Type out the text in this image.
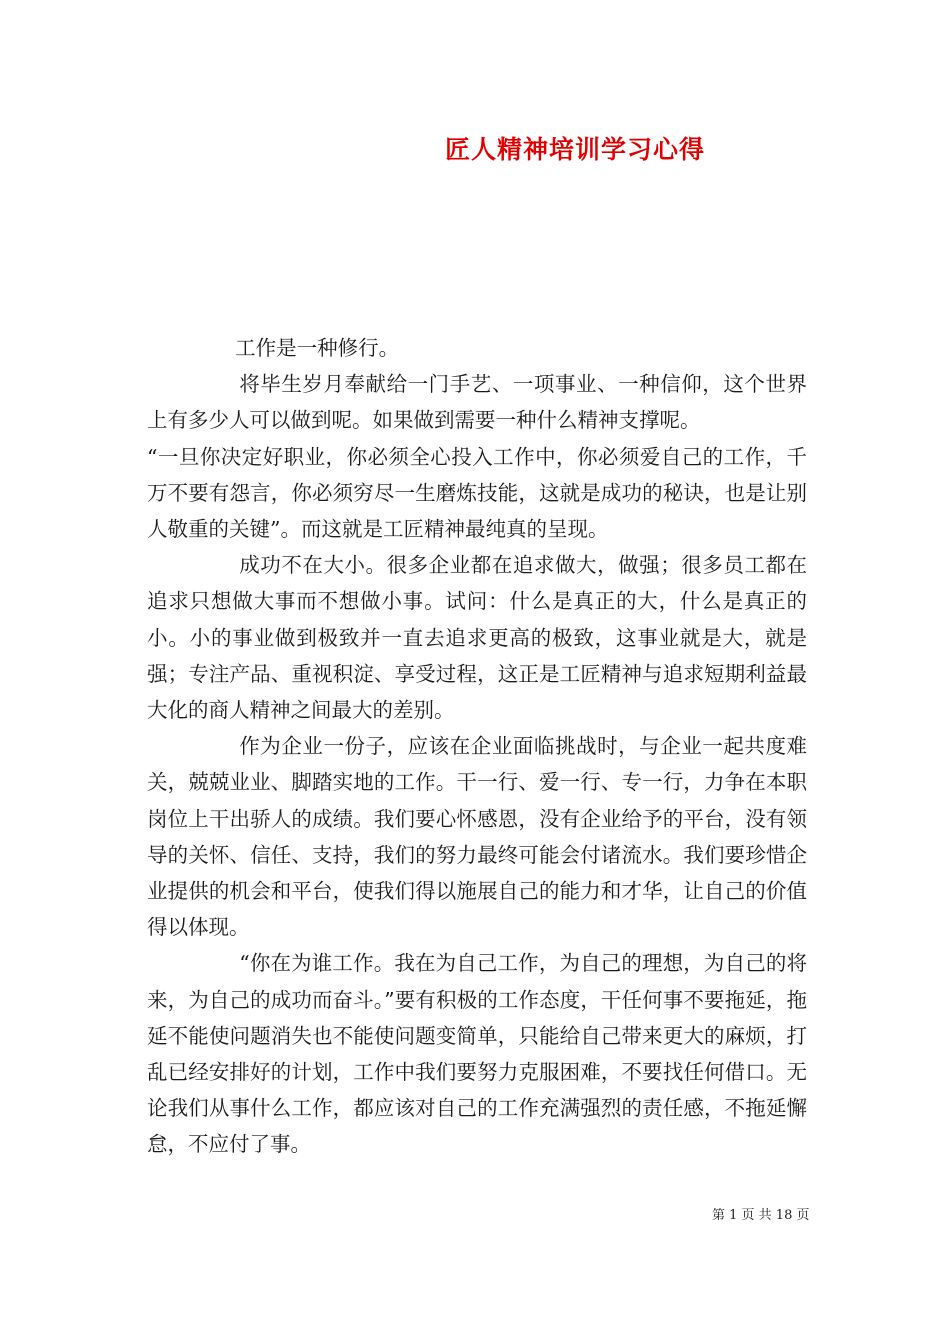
匠人精神培训学习心得

工作是一种修行。

将毕生岁月奉献给一门手艺、一项事业、一种信仰，这个世界上有多少人可以做到呢。如果做到需要一种什么精神支撑呢。

“一旦你决定好职业，你必须全心投入工作中，你必须爱自己的工作，千万不要有怨言，你必须穷尽一生磨炼技能，这就是成功的秘诀，也是让别人敬重的关键”。而这就是工匠精神最纯真的呈现。

成功不在大小。很多企业都在追求做大，做强；很多员工都在追求只想做大事而不想做小事。试问：什么是真正的大，什么是真正的小。小的事业做到极致并一直去追求更高的极致，这事业就是大，就是强；专注产品、重视积淀、享受过程，这正是工匠精神与追求短期利益最大化的商人精神之间最大的差别。

作为企业一份子，应该在企业面临挑战时，与企业一起共度难关，兢兢业业、脚踏实地的工作。干一行、爱一行、专一行，力争在本职岗位上干出骄人的成绩。我们要心怀感恩，没有企业给予的平台，没有领导的关怀、信任、支持，我们的努力最终可能会付诸流水。我们要珍惜企业提供的机会和平台，使我们得以施展自己的能力和才华，让自己的价值得以体现。

“你在为谁工作。我在为自己工作，为自己的理想，为自己的将来，为自己的成功而奋斗。”要有积极的工作态度，干任何事不要拖延，拖延不能使问题消失也不能使问题变简单，只能给自己带来更大的麻烦，打乱已经安排好的计划，工作中我们要努力克服困难，不要找任何借口。无论我们从事什么工作，都应该对自己的工作充满强烈的责任感，不拖延懈怠，不应付了事。

第 1 页 共 18 页
